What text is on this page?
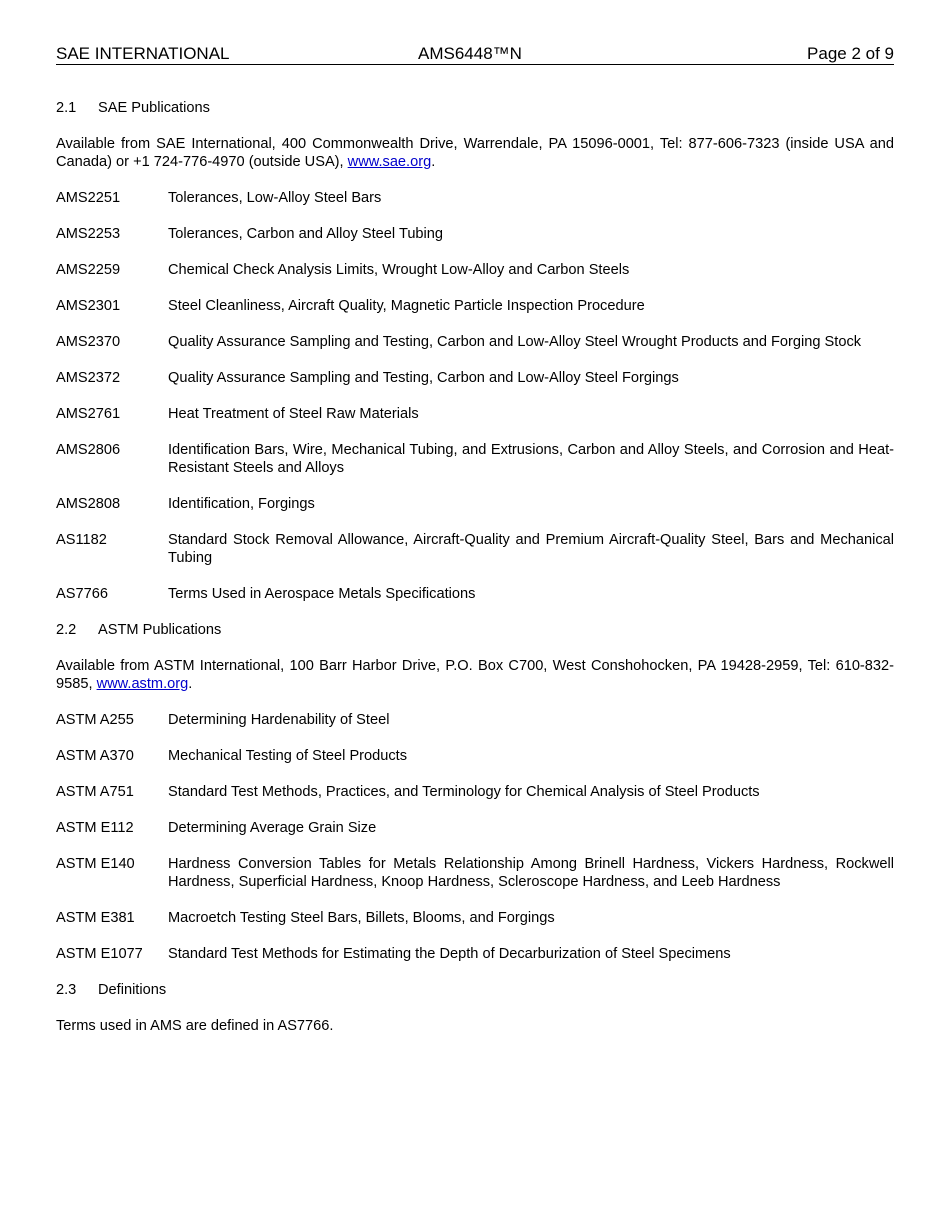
SAE INTERNATIONAL	AMS6448™N	Page 2 of 9
2.1	SAE Publications
Available from SAE International, 400 Commonwealth Drive, Warrendale, PA 15096-0001, Tel: 877-606-7323 (inside USA and Canada) or +1 724-776-4970 (outside USA), www.sae.org.
AMS2251	Tolerances, Low-Alloy Steel Bars
AMS2253	Tolerances, Carbon and Alloy Steel Tubing
AMS2259	Chemical Check Analysis Limits, Wrought Low-Alloy and Carbon Steels
AMS2301	Steel Cleanliness, Aircraft Quality, Magnetic Particle Inspection Procedure
AMS2370	Quality Assurance Sampling and Testing, Carbon and Low-Alloy Steel Wrought Products and Forging Stock
AMS2372	Quality Assurance Sampling and Testing, Carbon and Low-Alloy Steel Forgings
AMS2761	Heat Treatment of Steel Raw Materials
AMS2806	Identification Bars, Wire, Mechanical Tubing, and Extrusions, Carbon and Alloy Steels, and Corrosion and Heat-Resistant Steels and Alloys
AMS2808	Identification, Forgings
AS1182	Standard Stock Removal Allowance, Aircraft-Quality and Premium Aircraft-Quality Steel, Bars and Mechanical Tubing
AS7766	Terms Used in Aerospace Metals Specifications
2.2	ASTM Publications
Available from ASTM International, 100 Barr Harbor Drive, P.O. Box C700, West Conshohocken, PA 19428-2959, Tel: 610-832-9585, www.astm.org.
ASTM A255	Determining Hardenability of Steel
ASTM A370	Mechanical Testing of Steel Products
ASTM A751	Standard Test Methods, Practices, and Terminology for Chemical Analysis of Steel Products
ASTM E112	Determining Average Grain Size
ASTM E140	Hardness Conversion Tables for Metals Relationship Among Brinell Hardness, Vickers Hardness, Rockwell Hardness, Superficial Hardness, Knoop Hardness, Scleroscope Hardness, and Leeb Hardness
ASTM E381	Macroetch Testing Steel Bars, Billets, Blooms, and Forgings
ASTM E1077	Standard Test Methods for Estimating the Depth of Decarburization of Steel Specimens
2.3	Definitions
Terms used in AMS are defined in AS7766.
